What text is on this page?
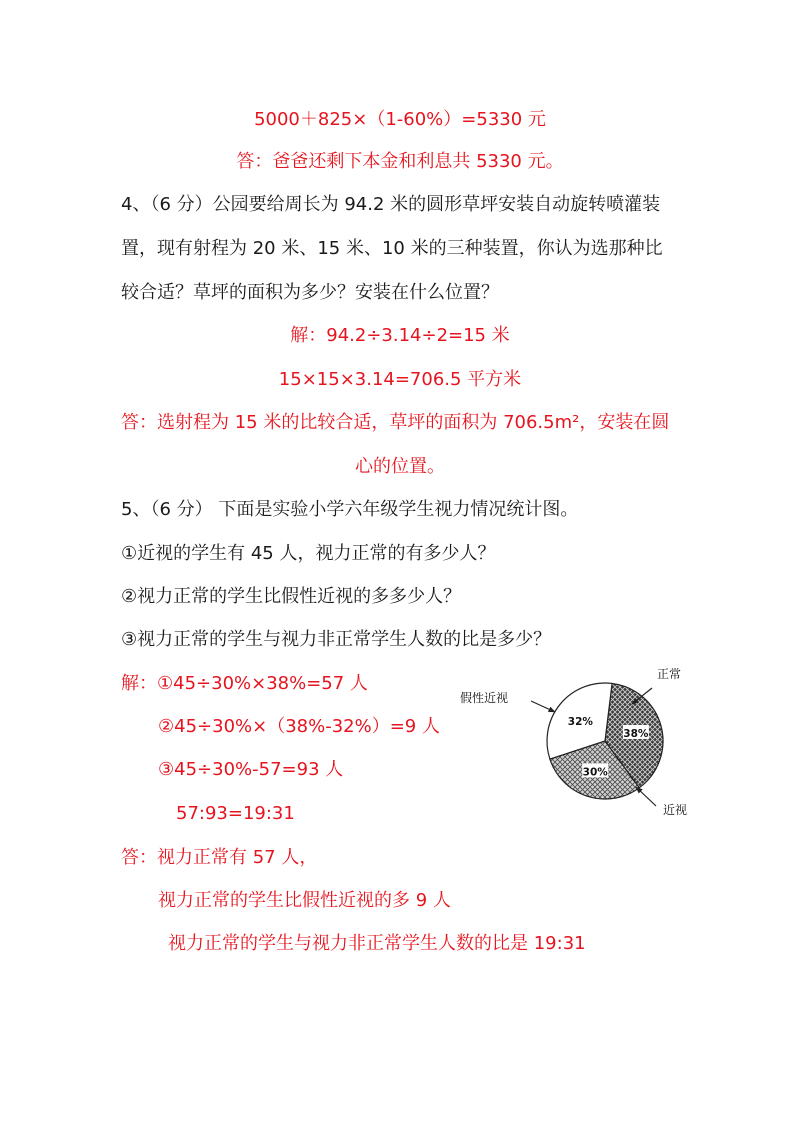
5000＋825×（1-60%）=5330 元

答：爸爸还剩下本金和利息共 5330 元。

4、（6 分）公园要给周长为 94.2 米的圆形草坪安装自动旋转喷灌装

置，现有射程为 20 米、15 米、10 米的三种装置，你认为选那种比

较合适？草坪的面积为多少？安装在什么位置？

解：94.2÷3.14÷2=15 米

15×15×3.14=706.5 平方米

答：选射程为 15 米的比较合适，草坪的面积为 706.5m²，安装在圆

心的位置。

5、（6 分） 下面是实验小学六年级学生视力情况统计图。

①近视的学生有 45 人，视力正常的有多少人？

②视力正常的学生比假性近视的多多少人？

③视力正常的学生与视力非正常学生人数的比是多少？

解：①45÷30%×38%=57 人

②45÷30%×（38%-32%）=9 人

③45÷30%-57=93 人

57:93=19:31

答：视力正常有 57 人，

视力正常的学生比假性近视的多 9 人

视力正常的学生与视力非正常学生人数的比是 19:31

38%
30%
32%
正常
近视
假性近视
